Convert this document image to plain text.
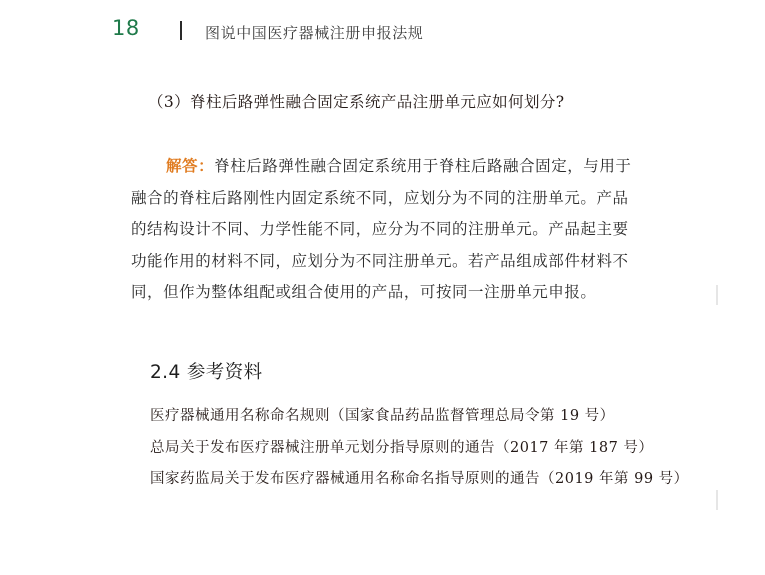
18	图说中国医疗器械注册申报法规
（3）脊柱后路弹性融合固定系统产品注册单元应如何划分?
解答：脊柱后路弹性融合固定系统用于脊柱后路融合固定，与用于
融合的脊柱后路刚性内固定系统不同，应划分为不同的注册单元。产品
的结构设计不同、力学性能不同，应分为不同的注册单元。产品起主要
功能作用的材料不同，应划分为不同注册单元。若产品组成部件材料不
同，但作为整体组配或组合使用的产品，可按同一注册单元申报。
2.4 参考资料
医疗器械通用名称命名规则（国家食品药品监督管理总局令第 19 号）
总局关于发布医疗器械注册单元划分指导原则的通告（2017 年第 187 号）
国家药监局关于发布医疗器械通用名称命名指导原则的通告（2019 年第 99 号）
